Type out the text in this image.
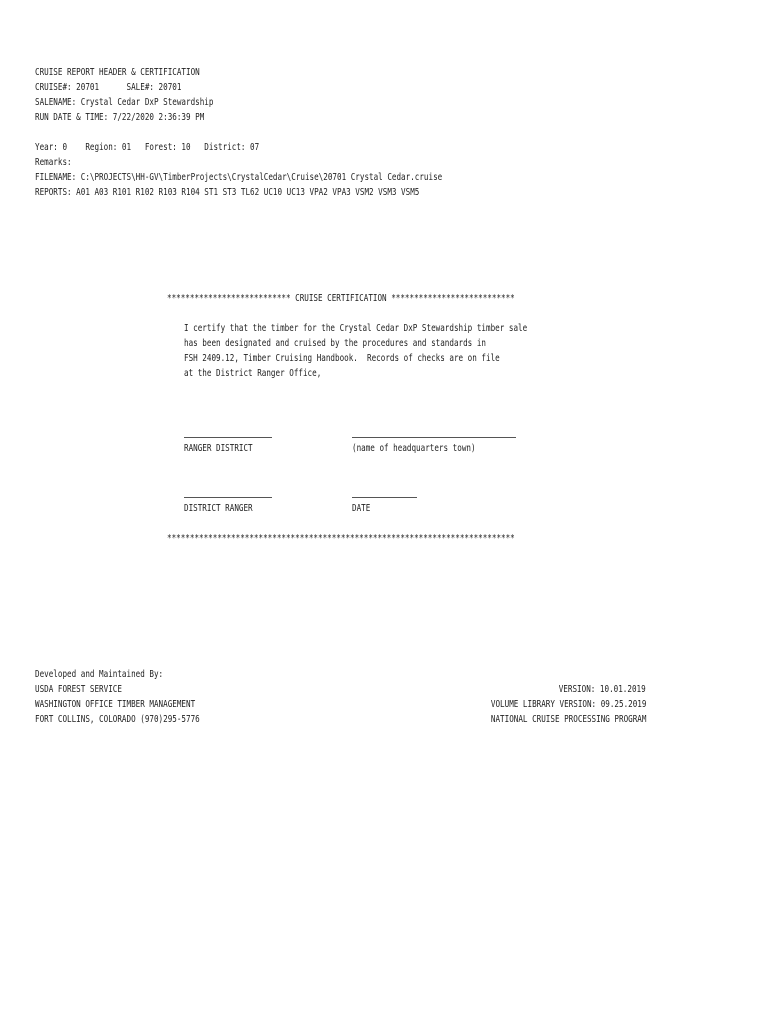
CRUISE REPORT HEADER & CERTIFICATION
CRUISE#: 20701      SALE#: 20701
SALENAME: Crystal Cedar DxP Stewardship
RUN DATE & TIME: 7/22/2020 2:36:39 PM
Year: 0    Region: 01   Forest: 10   District: 07
Remarks:
FILENAME: C:\PROJECTS\HH-GV\TimberProjects\CrystalCedar\Cruise\20701 Crystal Cedar.cruise
REPORTS: A01 A03 R101 R102 R103 R104 ST1 ST3 TL62 UC10 UC13 VPA2 VPA3 VSM2 VSM3 VSM5
*************************** CRUISE CERTIFICATION ***************************
I certify that the timber for the Crystal Cedar DxP Stewardship timber sale
has been designated and cruised by the procedures and standards in
FSH 2409.12, Timber Cruising Handbook.  Records of checks are on file
at the District Ranger Office,
RANGER DISTRICT	(name of headquarters town)
DISTRICT RANGER	DATE
****************************************************************************
Developed and Maintained By:
USDA FOREST SERVICE
WASHINGTON OFFICE TIMBER MANAGEMENT
FORT COLLINS, COLORADO (970)295-5776
VERSION: 10.01.2019
VOLUME LIBRARY VERSION: 09.25.2019
NATIONAL CRUISE PROCESSING PROGRAM
